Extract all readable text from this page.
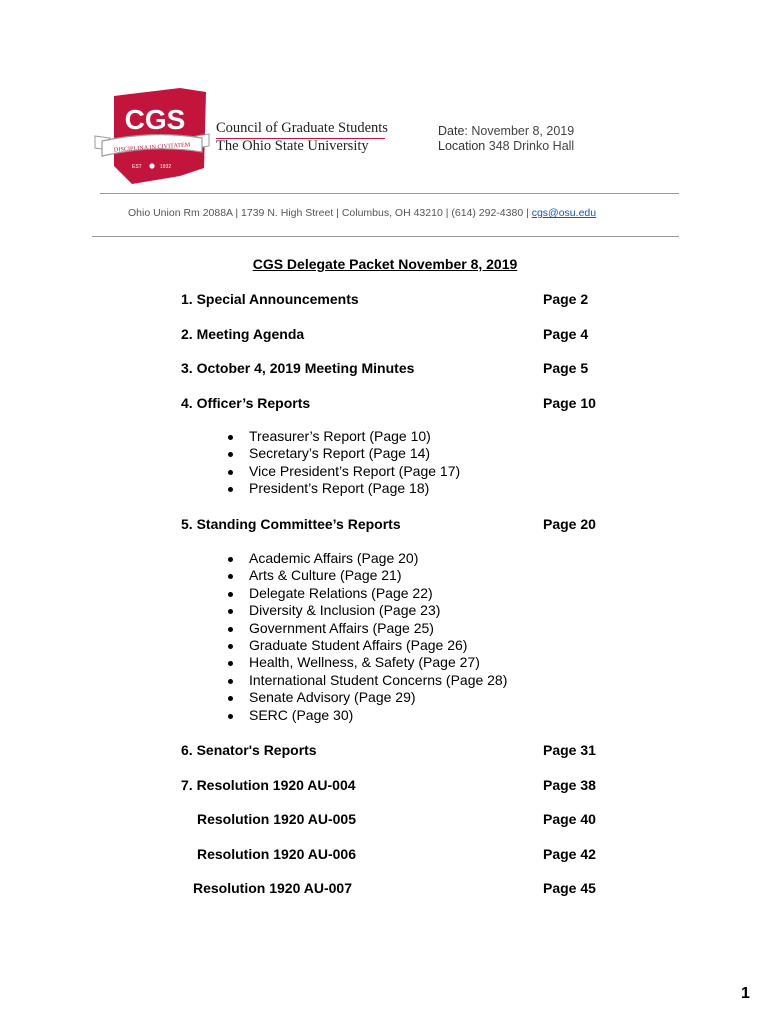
CGS
DISCIPLINA IN CIVITATEM
EST	1932
Council of Graduate Students
The Ohio State University
Date: November 8, 2019
Location 348 Drinko Hall
Ohio Union Rm 2088A | 1739 N. High Street | Columbus, OH 43210 | (614) 292-4380 | cgs@osu.edu
CGS Delegate Packet November 8, 2019
1. Special Announcements	Page 2
2. Meeting Agenda	Page 4
3. October 4, 2019 Meeting Minutes	Page 5
4. Officer’s Reports	Page 10
Treasurer’s Report (Page 10)
Secretary’s Report (Page 14)
Vice President’s Report (Page 17)
President’s Report (Page 18)
5. Standing Committee’s Reports	Page 20
Academic Affairs (Page 20)
Arts & Culture (Page 21)
Delegate Relations (Page 22)
Diversity & Inclusion (Page 23)
Government Affairs (Page 25)
Graduate Student Affairs (Page 26)
Health, Wellness, & Safety (Page 27)
International Student Concerns (Page 28)
Senate Advisory (Page 29)
SERC (Page 30)
6. Senator's Reports	Page 31
7. Resolution 1920 AU-004	Page 38
Resolution 1920 AU-005	Page 40
Resolution 1920 AU-006	Page 42
Resolution 1920 AU-007	Page 45
1
